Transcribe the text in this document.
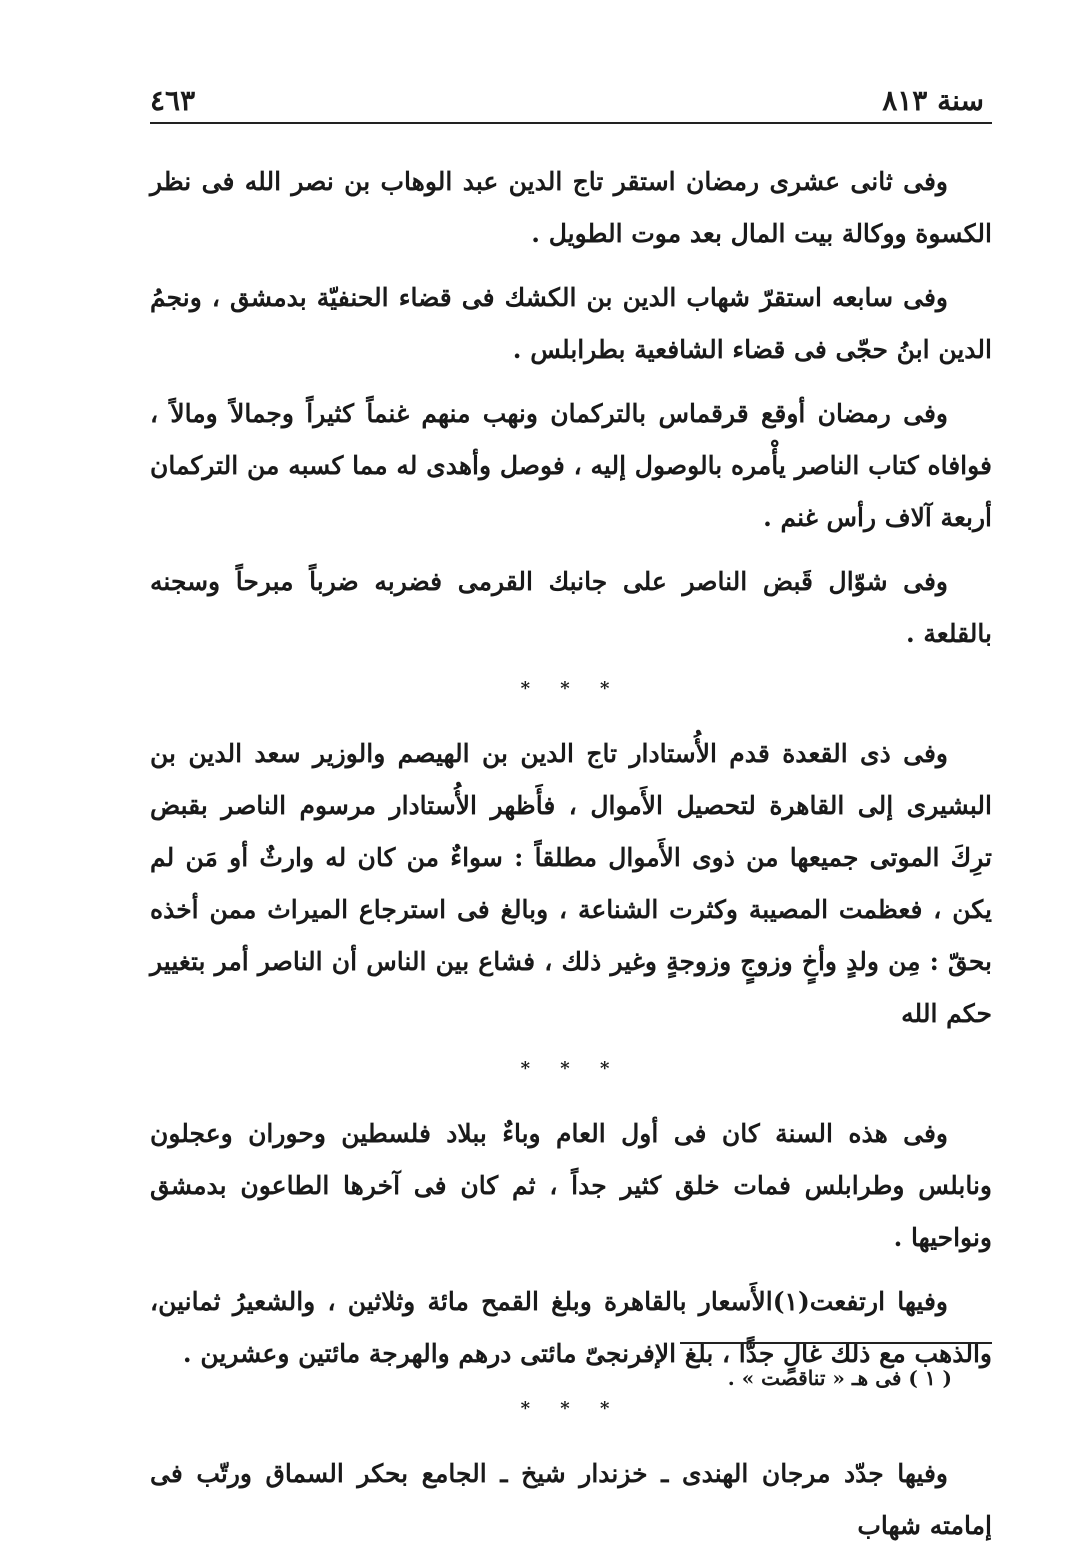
سنة ٨١٣
٤٦٣

وفى ثانى عشرى رمضان استقر تاج الدين عبد الوهاب بن نصر الله فى نظر الكسوة ووكالة بيت المال بعد موت الطويل .

وفى سابعه استقرّ شهاب الدين بن الكشك فى قضاء الحنفيّة بدمشق ، ونجمُ الدين ابنُ حجّى فى قضاء الشافعية بطرابلس .

وفى رمضان أوقع قرقماس بالتركمان ونهب منهم غنماً كثيراً وجمالاً ومالاً ، فوافاه كتاب الناصر يأْمره بالوصول إليه ، فوصل وأهدى له مما كسبه من التركمان أربعة آلاف رأس غنم .

وفى شوّال قَبض الناصر على جانبك القرمى فضربه ضرباً مبرحاً وسجنه بالقلعة .

* * *

وفى ذى القعدة قدم الأُستادار تاج الدين بن الهيصم والوزير سعد الدين بن البشيرى إلى القاهرة لتحصيل الأَموال ، فأَظهر الأُستادار مرسوم الناصر بقبض ترِكَ الموتى جميعها من ذوى الأَموال مطلقاً : سواءٌ من كان له وارثٌ أو مَن لم يكن ، فعظمت المصيبة وكثرت الشناعة ، وبالغ فى استرجاع الميراث ممن أخذه بحقّ : مِن ولدٍ وأخٍ وزوجٍ وزوجةٍ وغير ذلك ، فشاع بين الناس أن الناصر أمر بتغيير حكم الله

* * *

وفى هذه السنة كان فى أول العام وباءٌ ببلاد فلسطين وحوران وعجلون ونابلس وطرابلس فمات خلق كثير جداً ، ثم كان فى آخرها الطاعون بدمشق ونواحيها .

وفيها ارتفعت(١)الأَسعار بالقاهرة وبلغ القمح مائة وثلاثين ، والشعيرُ ثمانين، والذهب مع ذلك غالٍ جدًّا ، بلغ الإفرنجىّ مائتى درهم والهرجة مائتين وعشرين .

* * *

وفيها جدّد مرجان الهندى ـ خزندار شيخ ـ الجامع بحكر السماق ورتّب فى إمامته شهاب

( ١ ) فى هـ « تناقصت » .
